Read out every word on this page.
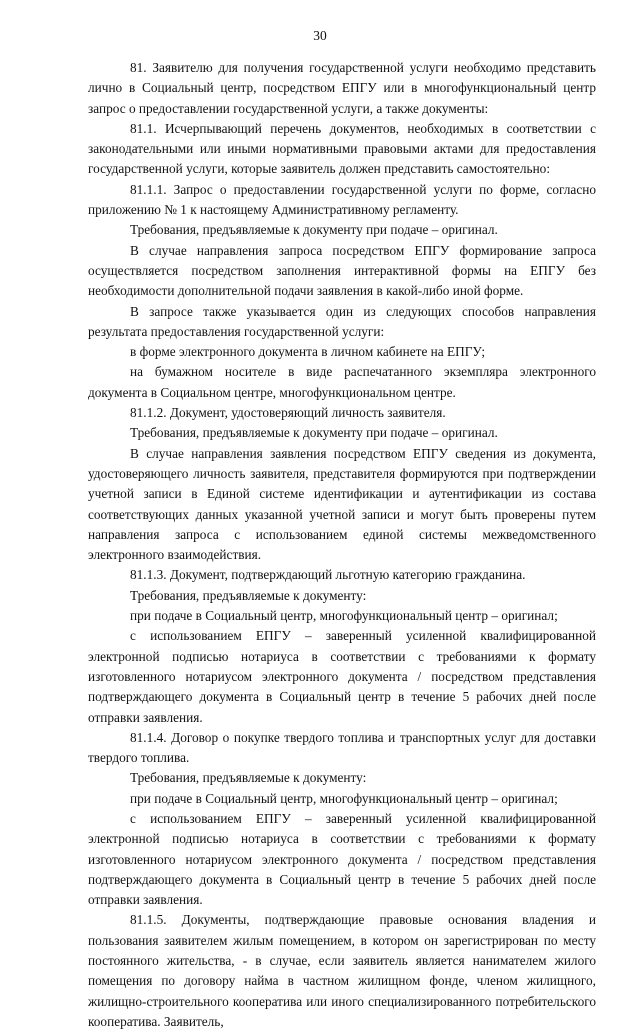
30

81. Заявителю для получения государственной услуги необходимо представить лично в Социальный центр, посредством ЕПГУ или в многофункциональный центр запрос о предоставлении государственной услуги, а также документы:

81.1. Исчерпывающий перечень документов, необходимых в соответствии с законодательными или иными нормативными правовыми актами для предоставления государственной услуги, которые заявитель должен представить самостоятельно:

81.1.1. Запрос о предоставлении государственной услуги по форме, согласно приложению № 1 к настоящему Административному регламенту.

Требования, предъявляемые к документу при подаче – оригинал.

В случае направления запроса посредством ЕПГУ формирование запроса осуществляется посредством заполнения интерактивной формы на ЕПГУ без необходимости дополнительной подачи заявления в какой-либо иной форме.

В запросе также указывается один из следующих способов направления результата предоставления государственной услуги:

в форме электронного документа в личном кабинете на ЕПГУ;

на бумажном носителе в виде распечатанного экземпляра электронного документа в Социальном центре, многофункциональном центре.

81.1.2. Документ, удостоверяющий личность заявителя.

Требования, предъявляемые к документу при подаче – оригинал.

В случае направления заявления посредством ЕПГУ сведения из документа, удостоверяющего личность заявителя, представителя формируются при подтверждении учетной записи в Единой системе идентификации и аутентификации из состава соответствующих данных указанной учетной записи и могут быть проверены путем направления запроса с использованием единой системы межведомственного электронного взаимодействия.

81.1.3. Документ, подтверждающий льготную категорию гражданина.

Требования, предъявляемые к документу:

при подаче в Социальный центр, многофункциональный центр – оригинал;

с использованием ЕПГУ – заверенный усиленной квалифицированной электронной подписью нотариуса в соответствии с требованиями к формату изготовленного нотариусом электронного документа / посредством представления подтверждающего документа в Социальный центр в течение 5 рабочих дней после отправки заявления.

81.1.4. Договор о покупке твердого топлива и транспортных услуг для доставки твердого топлива.

Требования, предъявляемые к документу:

при подаче в Социальный центр, многофункциональный центр – оригинал;

с использованием ЕПГУ – заверенный усиленной квалифицированной электронной подписью нотариуса в соответствии с требованиями к формату изготовленного нотариусом электронного документа / посредством представления подтверждающего документа в Социальный центр в течение 5 рабочих дней после отправки заявления.

81.1.5. Документы, подтверждающие правовые основания владения и пользования заявителем жилым помещением, в котором он зарегистрирован по месту постоянного жительства, - в случае, если заявитель является нанимателем жилого помещения по договору найма в частном жилищном фонде, членом жилищного, жилищно-строительного кооператива или иного специализированного потребительского кооператива. Заявитель,
